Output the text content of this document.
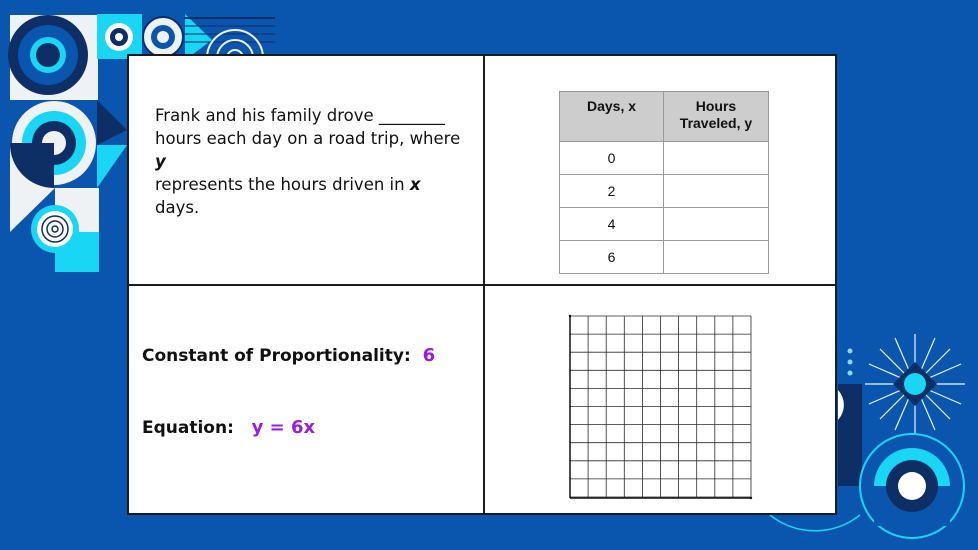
Frank and his family drove ________
hours each day on a road trip, where y
represents the hours driven in x days.
Days, x	Hours Traveled, y
0	
2	
4	
6	
Constant of Proportionality: 6
Equation: y = 6x
